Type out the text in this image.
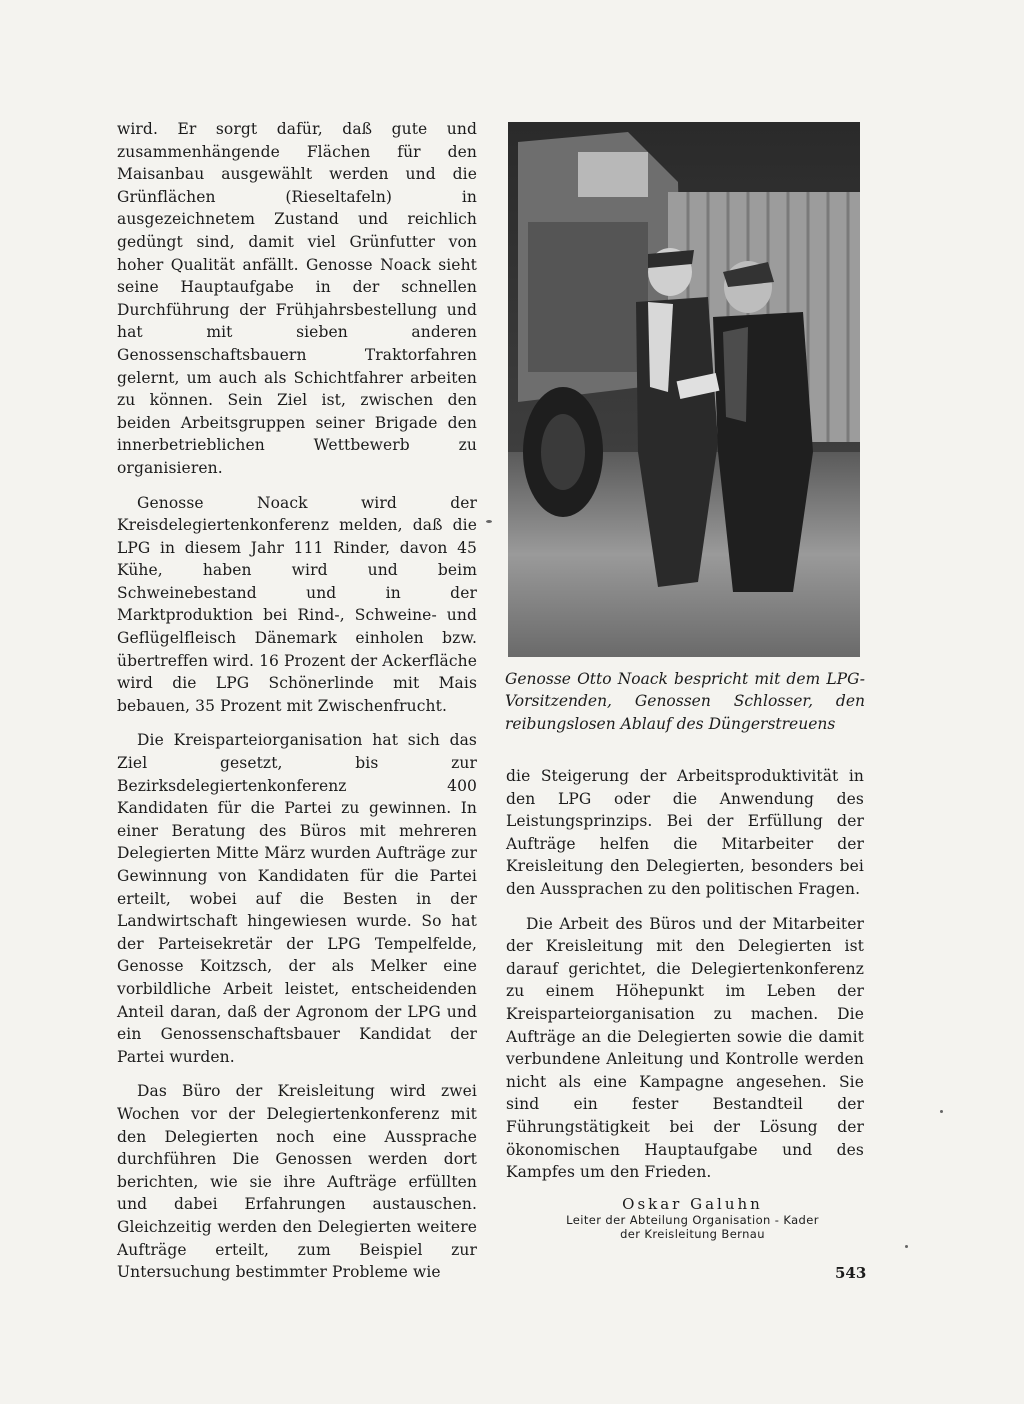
wird. Er sorgt dafür, daß gute und zusammenhängende Flächen für den Maisanbau ausgewählt werden und die Grünflächen (Rieseltafeln) in ausgezeichnetem Zustand und reichlich gedüngt sind, damit viel Grünfutter von hoher Qualität anfällt. Genosse Noack sieht seine Hauptaufgabe in der schnellen Durchführung der Frühjahrsbestellung und hat mit sieben anderen Genossenschaftsbauern Traktorfahren gelernt, um auch als Schichtfahrer arbeiten zu können. Sein Ziel ist, zwischen den beiden Arbeitsgruppen seiner Brigade den innerbetrieblichen Wettbewerb zu organisieren.

Genosse Noack wird der Kreisdelegiertenkonferenz melden, daß die LPG in diesem Jahr 111 Rinder, davon 45 Kühe, haben wird und beim Schweinebestand und in der Marktproduktion bei Rind-, Schweine- und Geflügelfleisch Dänemark einholen bzw. übertreffen wird. 16 Prozent der Ackerfläche wird die LPG Schönerlinde mit Mais bebauen, 35 Prozent mit Zwischenfrucht.

Die Kreisparteiorganisation hat sich das Ziel gesetzt, bis zur Bezirksdelegiertenkonferenz 400 Kandidaten für die Partei zu gewinnen. In einer Beratung des Büros mit mehreren Delegierten Mitte März wurden Aufträge zur Gewinnung von Kandidaten für die Partei erteilt, wobei auf die Besten in der Landwirtschaft hingewiesen wurde. So hat der Parteisekretär der LPG Tempelfelde, Genosse Koitzsch, der als Melker eine vorbildliche Arbeit leistet, entscheidenden Anteil daran, daß der Agronom der LPG und ein Genossenschaftsbauer Kandidat der Partei wurden.

Das Büro der Kreisleitung wird zwei Wochen vor der Delegiertenkonferenz mit den Delegierten noch eine Aussprache durchführen Die Genossen werden dort berichten, wie sie ihre Aufträge erfüllten und dabei Erfahrungen austauschen. Gleichzeitig werden den Delegierten weitere Aufträge erteilt, zum Beispiel zur Untersuchung bestimmter Probleme wie

Genosse Otto Noack bespricht mit dem LPG-Vorsitzenden, Genossen Schlosser, den reibungslosen Ablauf des Düngerstreuens

die Steigerung der Arbeitsproduktivität in den LPG oder die Anwendung des Leistungsprinzips. Bei der Erfüllung der Aufträge helfen die Mitarbeiter der Kreisleitung den Delegierten, besonders bei den Aussprachen zu den politischen Fragen.

Die Arbeit des Büros und der Mitarbeiter der Kreisleitung mit den Delegierten ist darauf gerichtet, die Delegiertenkonferenz zu einem Höhepunkt im Leben der Kreisparteiorganisation zu machen. Die Aufträge an die Delegierten sowie die damit verbundene Anleitung und Kontrolle werden nicht als eine Kampagne angesehen. Sie sind ein fester Bestandteil der Führungstätigkeit bei der Lösung der ökonomischen Hauptaufgabe und des Kampfes um den Frieden.

Oskar Galuhn

Leiter der Abteilung Organisation - Kader

der Kreisleitung Bernau

543
